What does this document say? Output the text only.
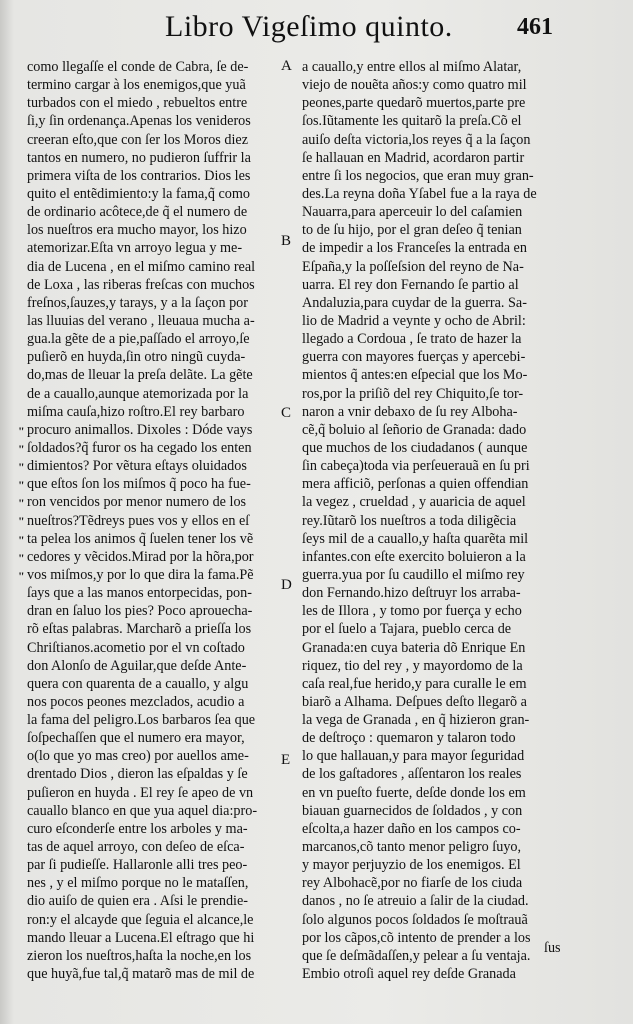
Libro Vigeſimo quinto.	461
como llegaſſe el conde de Cabra, ſe de-
termino cargar à los enemigos,que yuã
turbados con el miedo , rebueltos entre
ſi,y ſin ordenança.Apenas los venideros
creeran eſto,que con ſer los Moros diez
tantos en numero, no pudieron ſuffrir la
primera viſta de los contrarios. Dios les
quito el entẽdimiento:y la fama,q̃ como
de ordinario acôtece,de q̃ el numero de
los nueſtros era mucho mayor, los hizo
atemorizar.Eſta vn arroyo legua y me-
dia de Lucena , en el miſmo camino real
de Loxa , las riberas freſcas con muchos
freſnos,ſauzes,y tarays, y a la ſaçon por
las lluuias del verano , lleuaua mucha a-
gua.la gẽte de a pie,paſſado el arroyo,ſe
puſierõ en huyda,ſin otro ningũ cuyda-
do,mas de lleuar la preſa delãte. La gẽte
de a cauallo,aunque atemorizada por la
miſma cauſa,hizo roſtro.El rey barbaro
procuro animallos. Dixoles : Dóde vays
ſoldados?q̃ furor os ha cegado los enten
dimientos? Por vẽtura eſtays oluidados
que eſtos ſon los miſmos q̃ poco ha fue-
ron vencidos por menor numero de los
nueſtros?Tẽdreys pues vos y ellos en eſ
ta pelea los animos q̃ ſuelen tener los vẽ
cedores y vẽcidos.Mirad por la hõra,por
vos miſmos,y por lo que dira la fama.Pẽ
ſays que a las manos entorpecidas, pon-
dran en ſaluo los pies? Poco aprouecha-
rõ eſtas palabras. Marcharõ a prieſſa los
Chriſtianos.acometio por el vn coſtado
don Alonſo de Aguilar,que deſde Ante-
quera con quarenta de a cauallo, y algu
nos pocos peones mezclados, acudio a
la fama del peligro.Los barbaros ſea que
ſoſpechaſſen que el numero era mayor,
o(lo que yo mas creo) por auellos ame-
drentado Dios , dieron las eſpaldas y ſe
puſieron en huyda . El rey ſe apeo de vn
cauallo blanco en que yua aquel dia:pro-
curo eſconderſe entre los arboles y ma-
tas de aquel arroyo, con deſeo de eſca-
par ſi pudieſſe. Hallaronle alli tres peo-
nes , y el miſmo porque no le mataſſen,
dio auiſo de quien era . Aſsi le prendie-
ron:y el alcayde que ſeguia el alcance,le
mando lleuar a Lucena.El eſtrago que hi
zieron los nueſtros,haſta la noche,en los
que huyã,fue tal,q̃ matarõ mas de mil de
a cauallo,y entre ellos al miſmo Alatar,
viejo de nouẽta años:y como quatro mil
peones,parte quedarõ muertos,parte pre
ſos.Iũtamente les quitarõ la preſa.Cõ el
auiſo deſta victoria,los reyes q̃ a la ſaçon
ſe hallauan en Madrid, acordaron partir
entre ſi los negocios, que eran muy gran-
des.La reyna doña Yſabel fue a la raya de
Nauarra,para aperceuir lo del caſamien
to de ſu hijo, por el gran deſeo q̃ tenian
de impedir a los Franceſes la entrada en
Eſpaña,y la poſſeſsion del reyno de Na-
uarra. El rey don Fernando ſe partio al
Andaluzia,para cuydar de la guerra. Sa-
lio de Madrid a veynte y ocho de Abril:
llegado a Cordoua , ſe trato de hazer la
guerra con mayores fuerças y apercebi-
mientos q̃ antes:en eſpecial que los Mo-
ros,por la priſiõ del rey Chiquito,ſe tor-
naron a vnir debaxo de ſu rey Alboha-
cẽ,q̃ boluio al ſeñorio de Granada: dado
que muchos de los ciudadanos ( aunque
ſin cabeça)toda via perſeuerauã en ſu pri
mera afficiõ, perſonas a quien offendian
la vegez , crueldad , y auaricia de aquel
rey.Iũtarõ los nueſtros a toda diligẽcia
ſeys mil de a cauallo,y haſta quarẽta mil
infantes.con eſte exercito boluieron a la
guerra.yua por ſu caudillo el miſmo rey
don Fernando.hizo deſtruyr los arraba-
les de Illora , y tomo por fuerça y echo
por el ſuelo a Tajara, pueblo cerca de
Granada:en cuya bateria dõ Enrique En
riquez, tio del rey , y mayordomo de la
caſa real,fue herido,y para curalle le em
biarõ a Alhama. Deſpues deſto llegarõ a
la vega de Granada , en q̃ hizieron gran-
de deſtroço : quemaron y talaron todo
lo que hallauan,y para mayor ſeguridad
de los gaſtadores , aſſentaron los reales
en vn pueſto fuerte, deſde donde los em
biauan guarnecidos de ſoldados , y con
eſcolta,a hazer daño en los campos co-
marcanos,cõ tanto menor peligro ſuyo,
y mayor perjuyzio de los enemigos. El
rey Albohacẽ,por no fiarſe de los ciuda
danos , no ſe atreuio a ſalir de la ciudad.
ſolo algunos pocos ſoldados ſe moſtrauã
por los cãpos,cõ intento de prender a los
que ſe deſmãdaſſen,y pelear a ſu ventaja.
Embio otroſi aquel rey deſde Granada
A
B
C
D
E
"
"
"
"
"
"
"
"
"
ſus
